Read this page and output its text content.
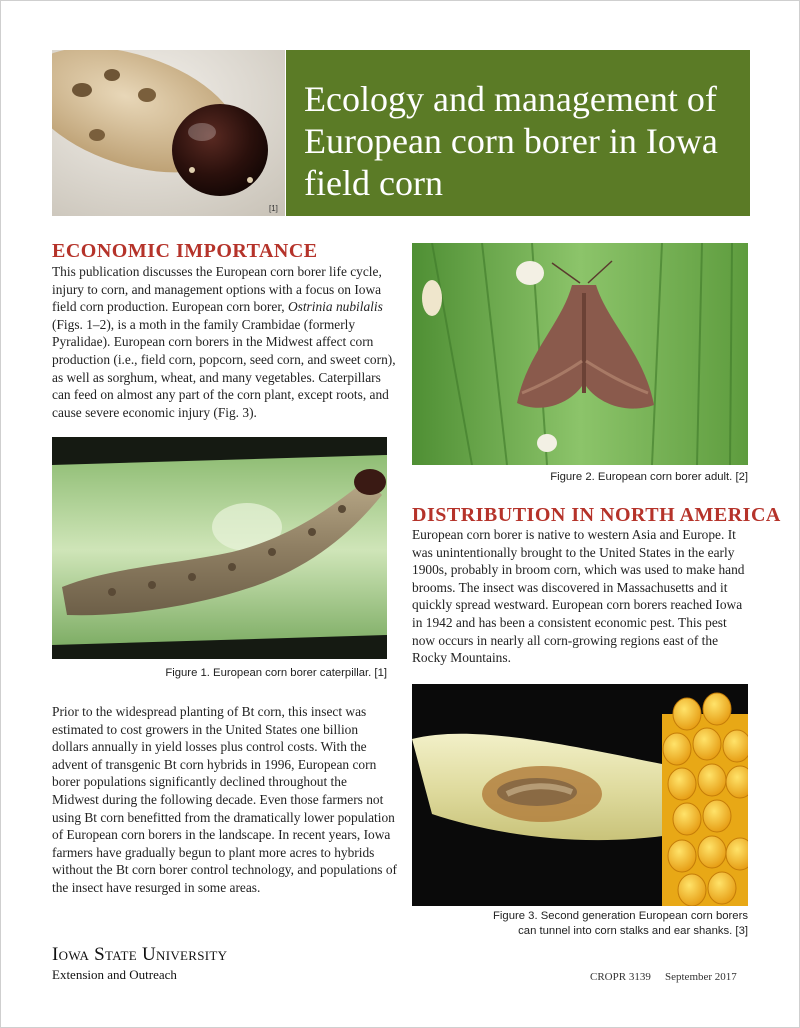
[1]
Ecology and management of European corn borer in Iowa field corn
ECONOMIC IMPORTANCE

This publication discusses the European corn borer life cycle, injury to corn, and management options with a focus on Iowa field corn production. European corn borer, Ostrinia nubilalis (Figs. 1–2), is a moth in the family Crambidae (formerly Pyralidae). European corn borers in the Midwest affect corn production (i.e., field corn, popcorn, seed corn, and sweet corn), as well as sorghum, wheat, and many vegetables. Caterpillars can feed on almost any part of the corn plant, except roots, and cause severe economic injury (Fig. 3).

Figure 1. European corn borer caterpillar. [1]

Prior to the widespread planting of Bt corn, this insect was estimated to cost growers in the United States one billion dollars annually in yield losses plus control costs. With the advent of transgenic Bt corn hybrids in 1996, European corn borer populations significantly declined throughout the Midwest during the following decade. Even those farmers not using Bt corn benefitted from the dramatically lower population of European corn borers in the landscape. In recent years, Iowa farmers have gradually begun to plant more acres to hybrids without the Bt corn borer control technology, and populations of the insect have resurged in some areas.

Figure 2. European corn borer adult. [2]

DISTRIBUTION IN NORTH AMERICA

European corn borer is native to western Asia and Europe. It was unintentionally brought to the United States in the early 1900s, probably in broom corn, which was used to make hand brooms. The insect was discovered in Massachusetts and it quickly spread westward. European corn borers reached Iowa in 1942 and has been a consistent economic pest. This pest now occurs in nearly all corn-growing regions east of the Rocky Mountains.

Figure 3. Second generation European corn borers
can tunnel into corn stalks and ear shanks. [3]

Iowa State University

Extension and Outreach	CROPR 3139 September 2017
